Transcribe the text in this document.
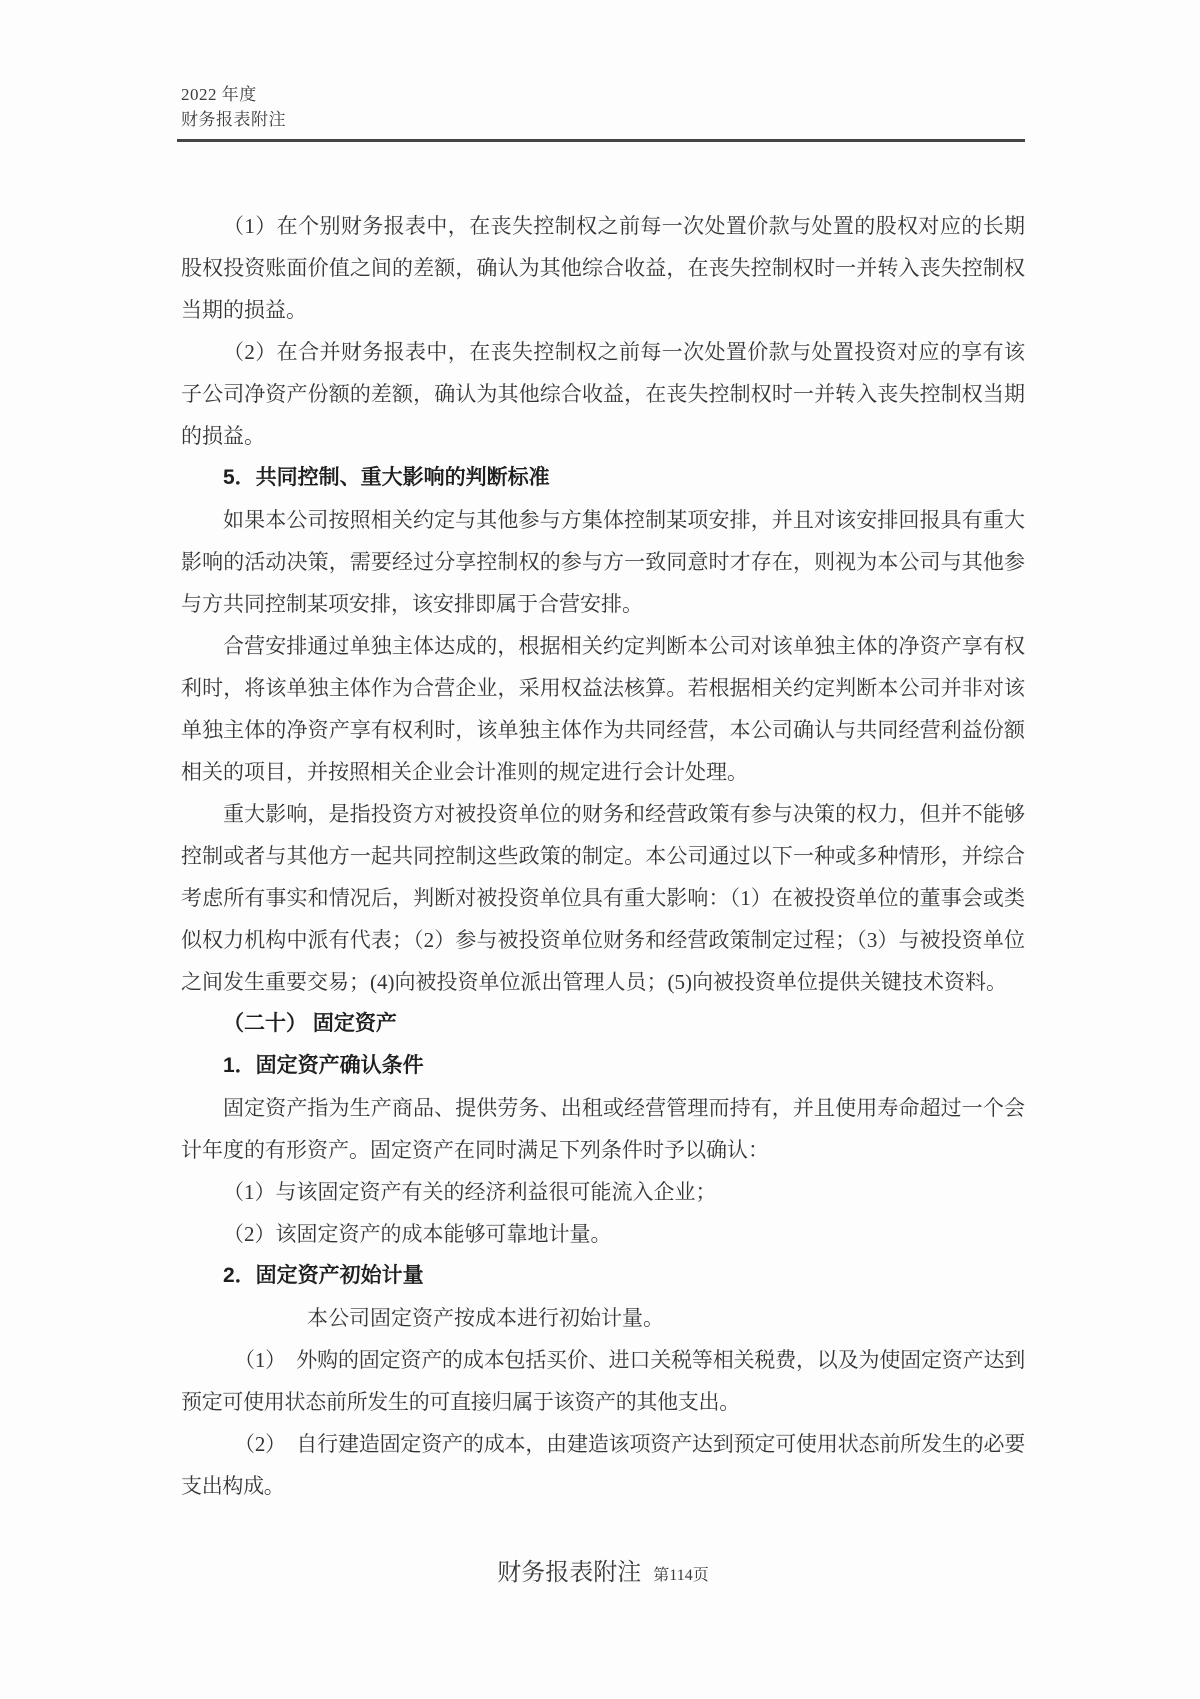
2022 年度
财务报表附注

（1）在个别财务报表中，在丧失控制权之前每一次处置价款与处置的股权对应的长期股权投资账面价值之间的差额，确认为其他综合收益，在丧失控制权时一并转入丧失控制权当期的损益。

（2）在合并财务报表中，在丧失控制权之前每一次处置价款与处置投资对应的享有该子公司净资产份额的差额，确认为其他综合收益，在丧失控制权时一并转入丧失控制权当期的损益。

5．共同控制、重大影响的判断标准

如果本公司按照相关约定与其他参与方集体控制某项安排，并且对该安排回报具有重大影响的活动决策，需要经过分享控制权的参与方一致同意时才存在，则视为本公司与其他参与方共同控制某项安排，该安排即属于合营安排。

合营安排通过单独主体达成的，根据相关约定判断本公司对该单独主体的净资产享有权利时，将该单独主体作为合营企业，采用权益法核算。若根据相关约定判断本公司并非对该单独主体的净资产享有权利时，该单独主体作为共同经营，本公司确认与共同经营利益份额相关的项目，并按照相关企业会计准则的规定进行会计处理。

重大影响，是指投资方对被投资单位的财务和经营政策有参与决策的权力，但并不能够控制或者与其他方一起共同控制这些政策的制定。本公司通过以下一种或多种情形，并综合考虑所有事实和情况后，判断对被投资单位具有重大影响：（1）在被投资单位的董事会或类似权力机构中派有代表；（2）参与被投资单位财务和经营政策制定过程；（3）与被投资单位之间发生重要交易；(4)向被投资单位派出管理人员；(5)向被投资单位提供关键技术资料。

（二十） 固定资产

1．固定资产确认条件

固定资产指为生产商品、提供劳务、出租或经营管理而持有，并且使用寿命超过一个会计年度的有形资产。固定资产在同时满足下列条件时予以确认：

（1）与该固定资产有关的经济利益很可能流入企业；

（2）该固定资产的成本能够可靠地计量。

2．固定资产初始计量

本公司固定资产按成本进行初始计量。

（1） 外购的固定资产的成本包括买价、进口关税等相关税费，以及为使固定资产达到预定可使用状态前所发生的可直接归属于该资产的其他支出。

（2） 自行建造固定资产的成本，由建造该项资产达到预定可使用状态前所发生的必要支出构成。

财务报表附注 第114页
